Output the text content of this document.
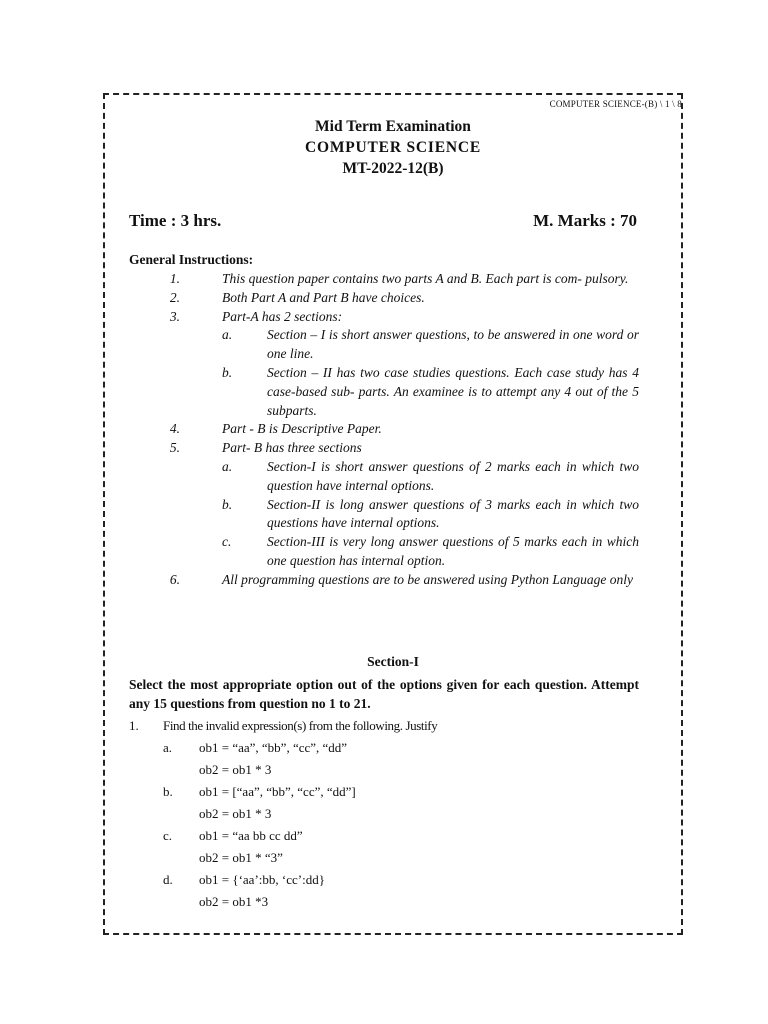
COMPUTER SCIENCE-(B) \ 1 \ 8
Mid Term Examination
COMPUTER SCIENCE
MT-2022-12(B)
Time : 3 hrs.	M. Marks : 70
General Instructions:
1.	This question paper contains two parts A and B. Each part is com- pulsory.
2.	Both Part A and Part B have choices.
3.	Part-A has 2 sections:
a.	Section – I is short answer questions, to be answered in one word or one line.
b.	Section – II has two case studies questions. Each case study has 4 case-based sub- parts. An examinee is to attempt any 4 out of the 5 subparts.
4.	Part - B is Descriptive Paper.
5.	Part- B has three sections
a.	Section-I is short answer questions of 2 marks each in which two question have internal options.
b.	Section-II is long answer questions of 3 marks each in which two questions have internal options.
c.	Section-III is very long answer questions of 5 marks each in which one question has internal option.
6.	All programming questions are to be answered using Python Language only
Section-I
Select the most appropriate option out of the options given for each question. Attempt any 15 questions from question no 1 to 21.
1.	Find the invalid expression(s) from the following. Justify
a.	ob1 = “aa”, “bb”, “cc”, “dd”
ob2 = ob1 * 3
b.	ob1 = [“aa”, “bb”, “cc”, “dd”]
ob2 = ob1 * 3
c.	ob1 = “aa bb cc dd”
ob2 = ob1 * “3”
d.	ob1 = {‘aa’:bb, ‘cc’:dd}
ob2 = ob1 *3
